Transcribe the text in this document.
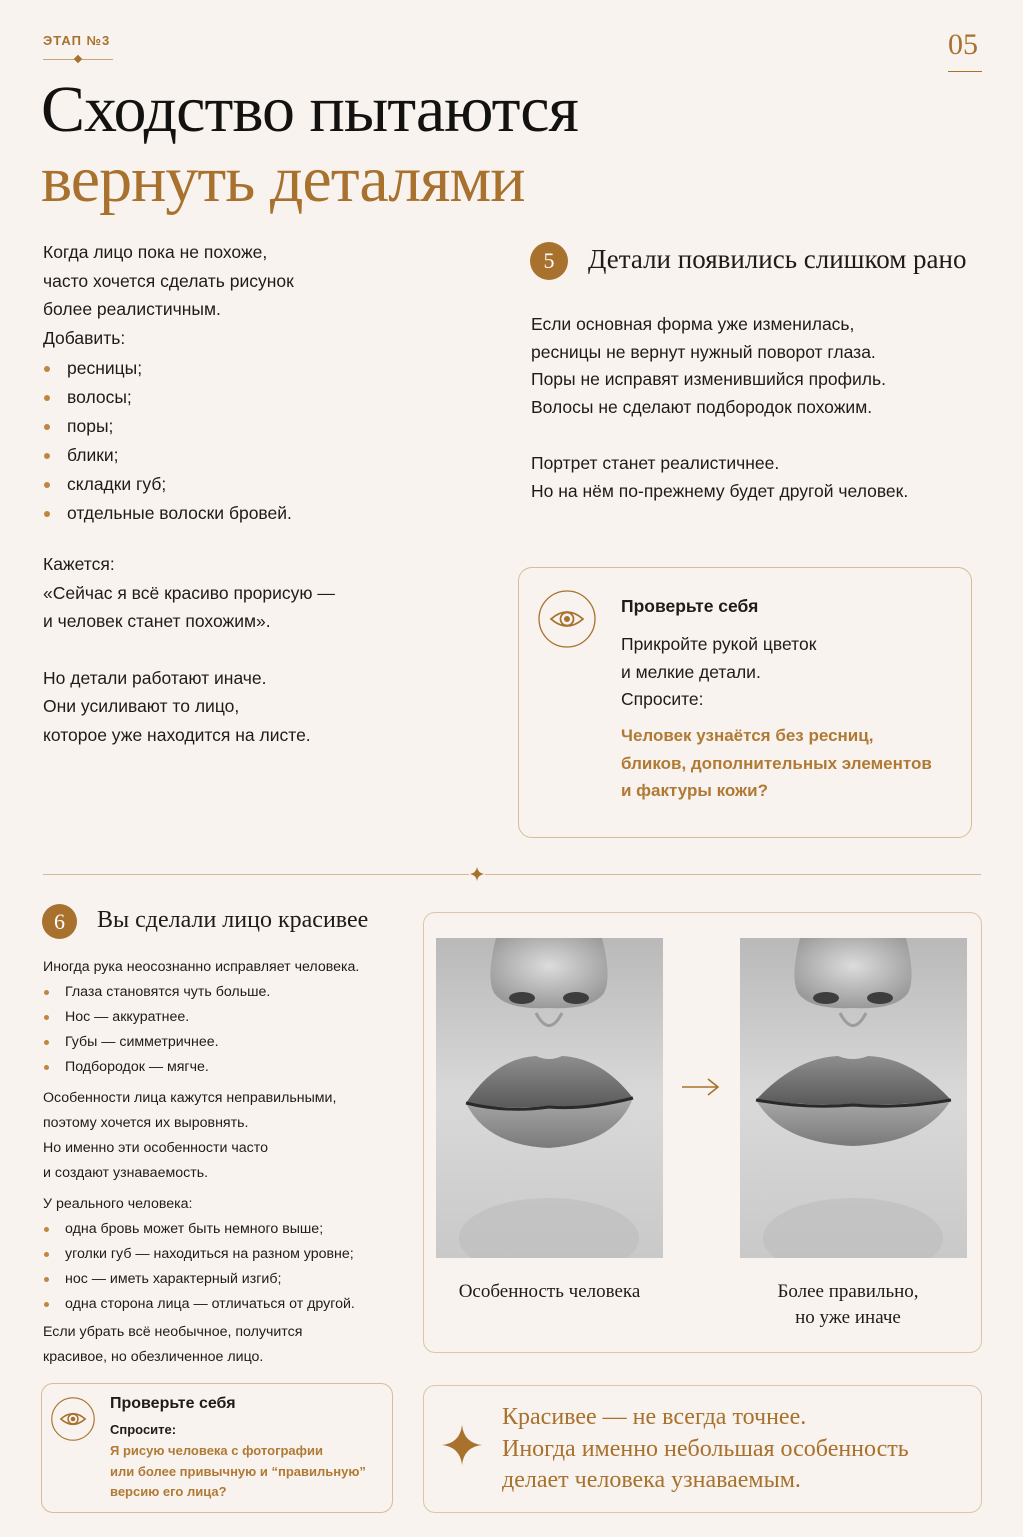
ЭТАП №3	05
Сходство пытаются
вернуть деталями

Когда лицо пока не похоже,

часто хочется сделать рисунок

более реалистичным.

Добавить:

ресницы;
волосы;
поры;
блики;
складки губ;
отдельные волоски бровей.

Кажется:

«Сейчас я всё красиво прорисую —

и человек станет похожим».

Но детали работают иначе.

Они усиливают то лицо,

которое уже находится на листе.

5	Детали появились слишком рано

Если основная форма уже изменилась,

ресницы не вернут нужный поворот глаза.

Поры не исправят изменившийся профиль.

Волосы не сделают подбородок похожим.

Портрет станет реалистичнее.

Но на нём по-прежнему будет другой человек.

Проверьте себя

Прикройте рукой цветок

и мелкие детали.

Спросите:

Человек узнаётся без ресниц,

бликов, дополнительных элементов

и фактуры кожи?

6	Вы сделали лицо красивее

Иногда рука неосознанно исправляет человека.

Глаза становятся чуть больше.
Нос — аккуратнее.
Губы — симметричнее.
Подбородок — мягче.

Особенности лица кажутся неправильными,

поэтому хочется их выровнять.

Но именно эти особенности часто

и создают узнаваемость.

У реального человека:

одна бровь может быть немного выше;
уголки губ — находиться на разном уровне;
нос — иметь характерный изгиб;
одна сторона лица — отличаться от другой.

Если убрать всё необычное, получится

красивое, но обезличенное лицо.

Особенность человека	Более правильно,
но уже иначе
Проверьте себя
Спросите:

Я рисую человека с фотографии

или более привычную и “правильную”

версию его лица?

Красивее — не всегда точнее.

Иногда именно небольшая особенность

делает человека узнаваемым.
